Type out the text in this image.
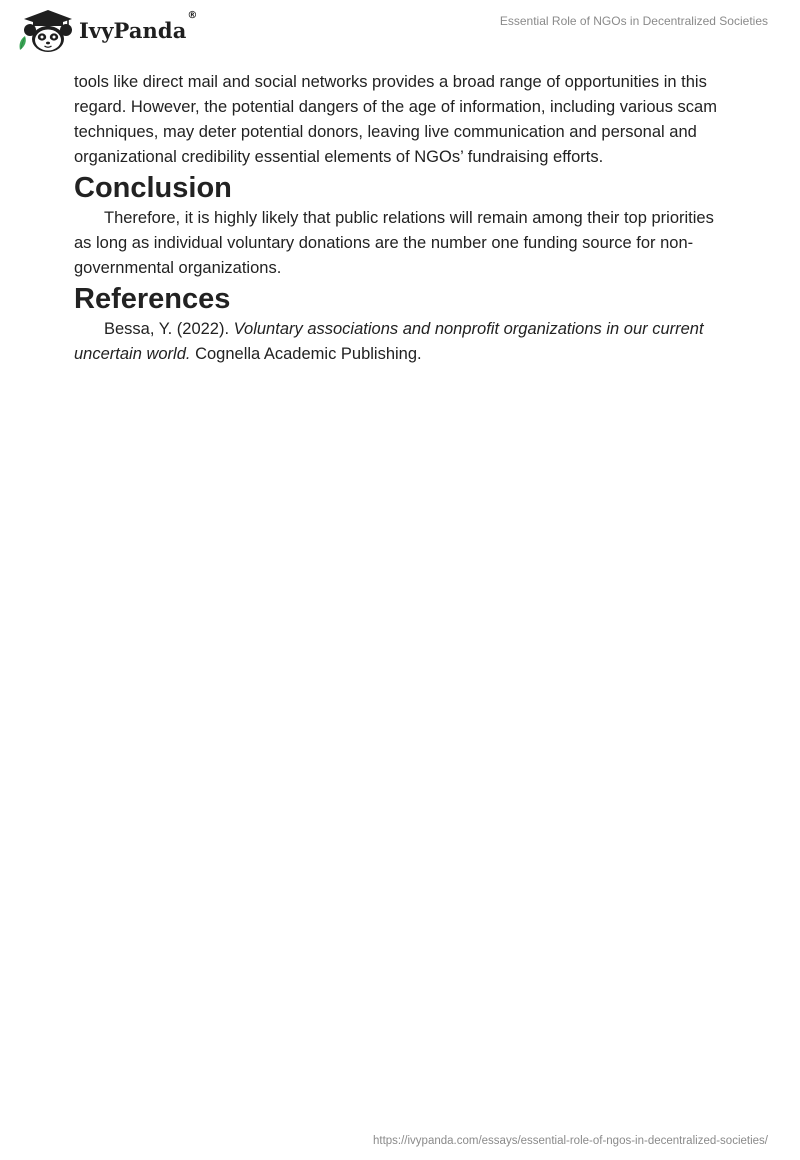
IvyPanda
®	Essential Role of NGOs in Decentralized Societies

tools like direct mail and social networks provides a broad range of opportunities in this regard. However, the potential dangers of the age of information, including various scam techniques, may deter potential donors, leaving live communication and personal and organizational credibility essential elements of NGOs’ fundraising efforts.

Conclusion

Therefore, it is highly likely that public relations will remain among their top priorities as long as individual voluntary donations are the number one funding source for non-governmental organizations.

References

Bessa, Y. (2022). Voluntary associations and nonprofit organizations in our current uncertain world. Cognella Academic Publishing.

https://ivypanda.com/essays/essential-role-of-ngos-in-decentralized-societies/
